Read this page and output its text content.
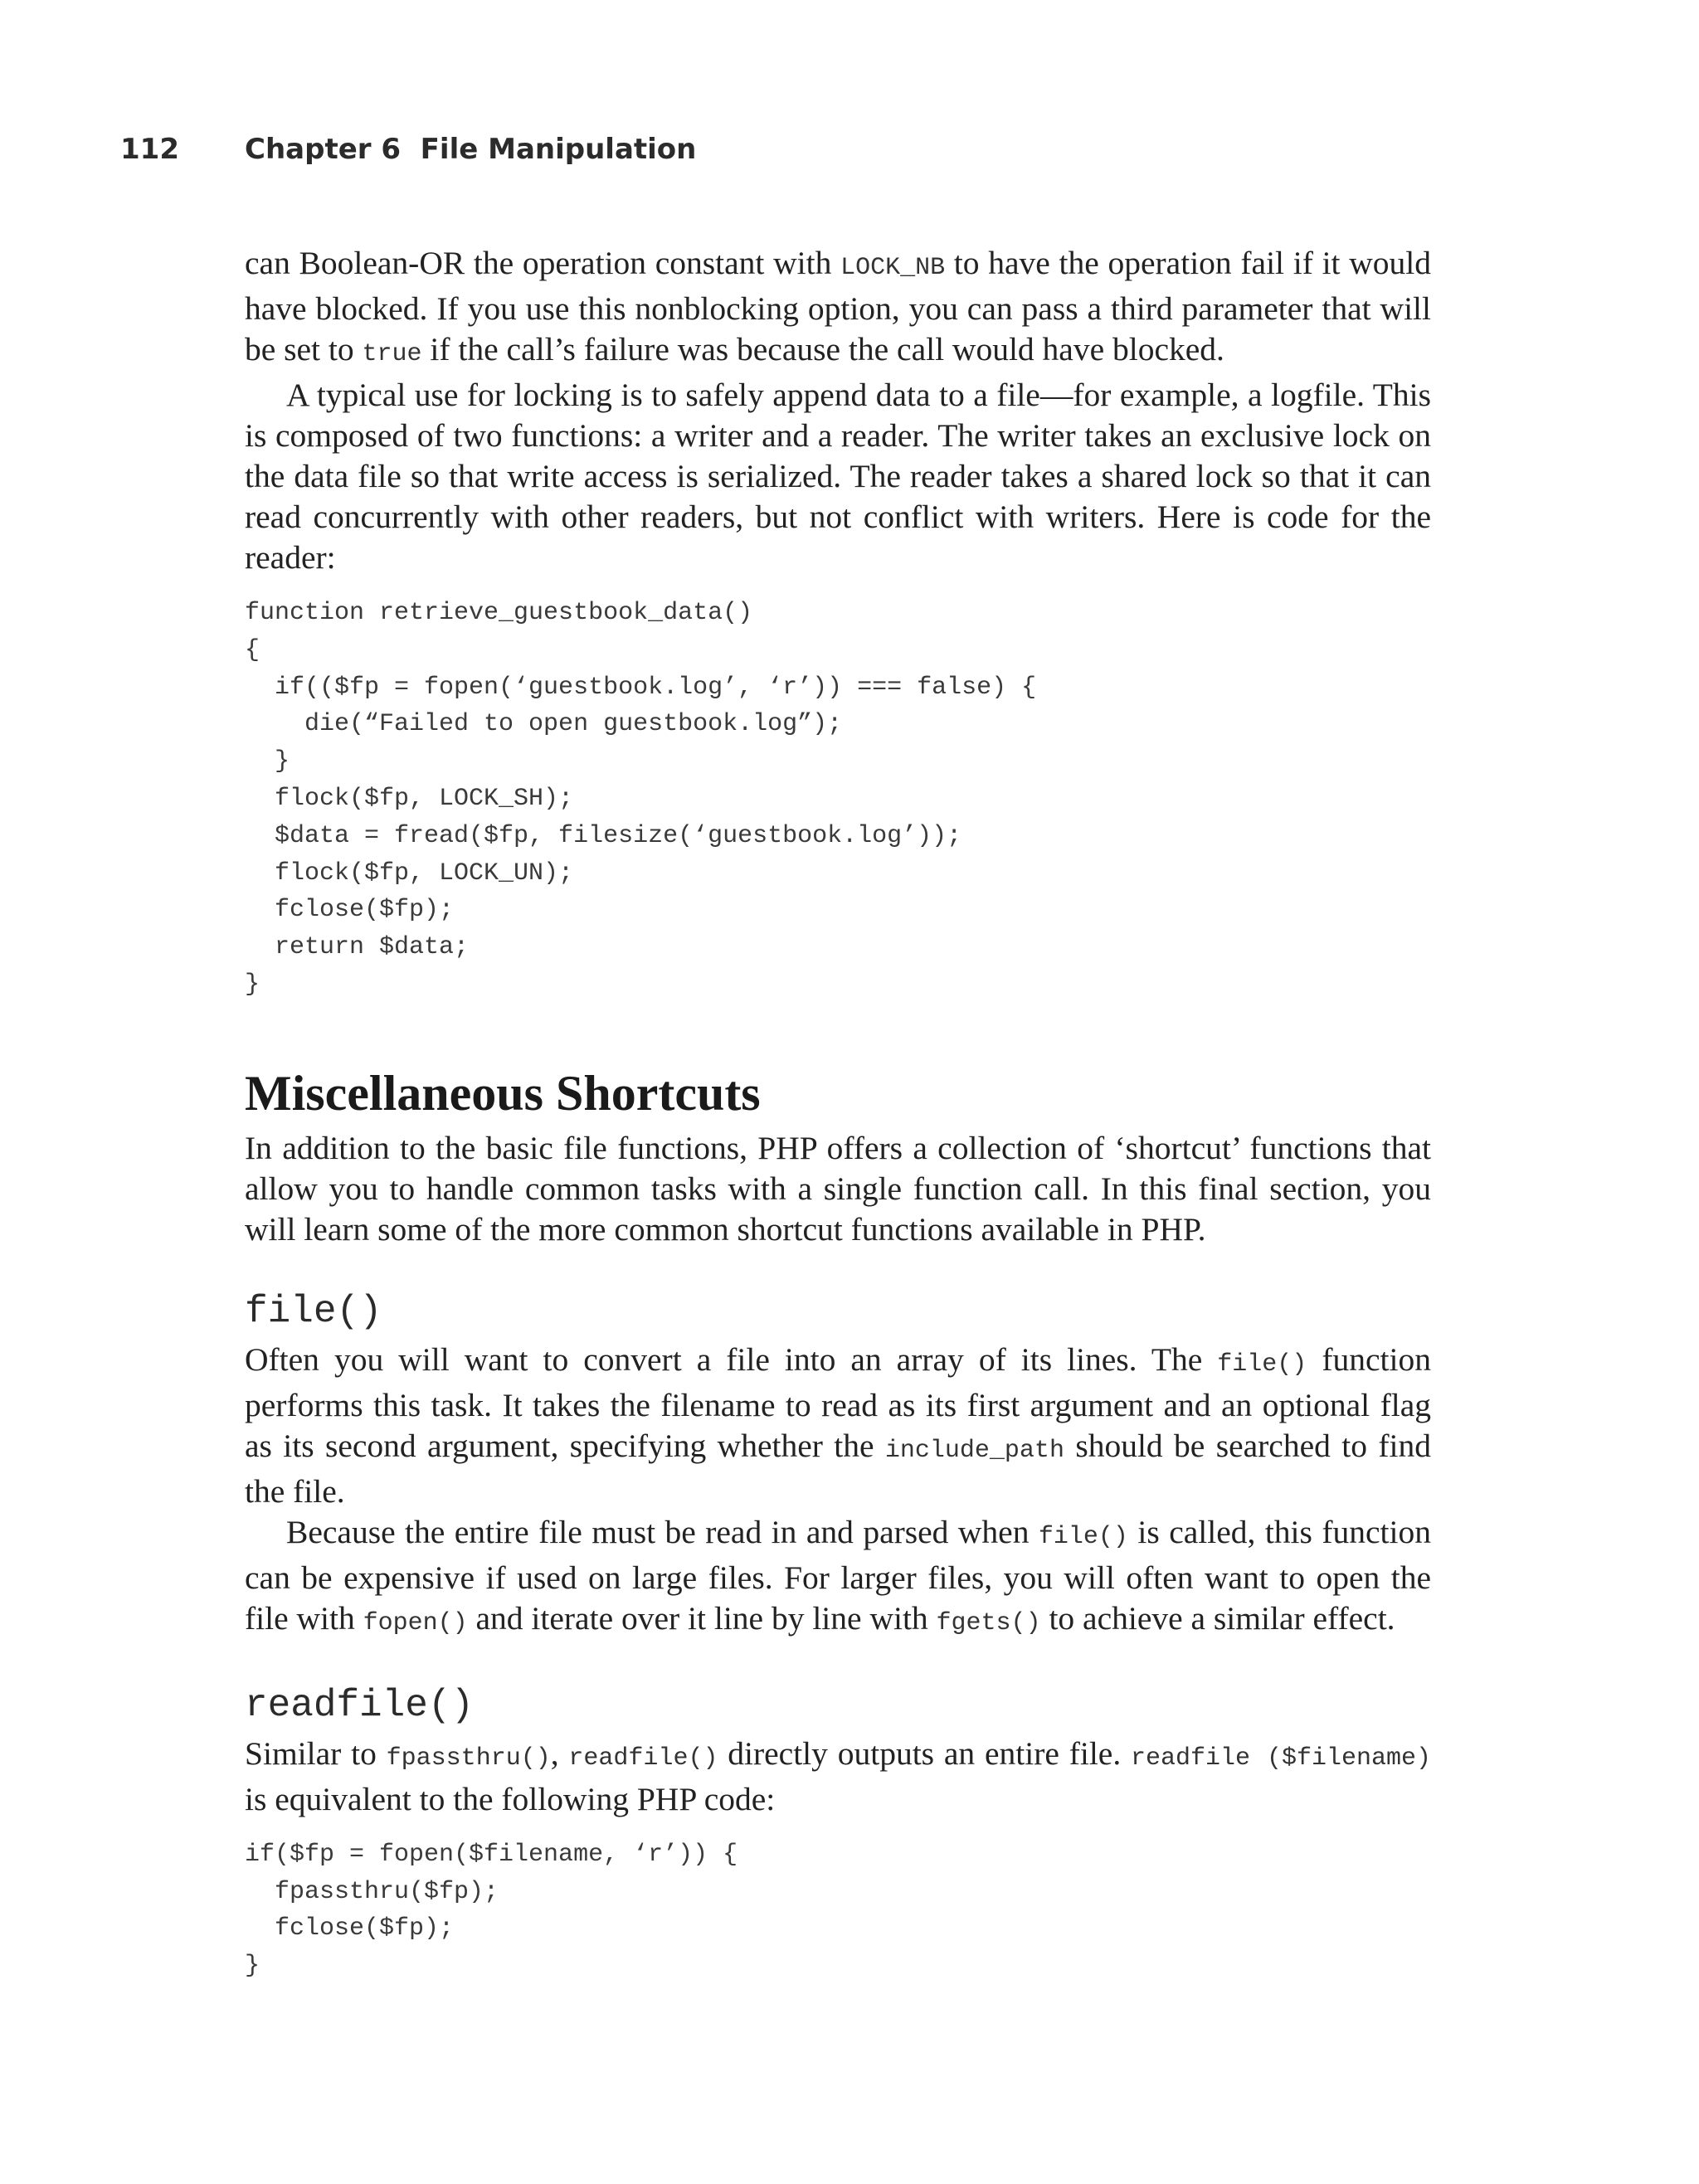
112 Chapter 6  File Manipulation

can Boolean-OR the operation constant with LOCK_NB to have the operation fail if it would have blocked. If you use this nonblocking option, you can pass a third parameter that will be set to true if the call’s failure was because the call would have blocked.

A typical use for locking is to safely append data to a file—for example, a logfile. This is composed of two functions: a writer and a reader. The writer takes an exclusive lock on the data file so that write access is serialized. The reader takes a shared lock so that it can read concurrently with other readers, but not conflict with writers. Here is code for the reader:

function retrieve_guestbook_data()
{
if(($fp = fopen(‘guestbook.log’, ‘r’)) === false) {
die(“Failed to open guestbook.log”);
}
flock($fp, LOCK_SH);
$data = fread($fp, filesize(‘guestbook.log’));
flock($fp, LOCK_UN);
fclose($fp);
return $data;
}
Miscellaneous Shortcuts

In addition to the basic file functions, PHP offers a collection of ‘shortcut’ functions that allow you to handle common tasks with a single function call. In this final section, you will learn some of the more common shortcut functions available in PHP.

file()

Often you will want to convert a file into an array of its lines. The file() function performs this task. It takes the filename to read as its first argument and an optional flag as its second argument, specifying whether the include_path should be searched to find the file.

Because the entire file must be read in and parsed when file() is called, this function can be expensive if used on large files. For larger files, you will often want to open the file with fopen() and iterate over it line by line with fgets() to achieve a similar effect.

readfile()

Similar to fpassthru(), readfile() directly outputs an entire file. readfile ($filename) is equivalent to the following PHP code:

if($fp = fopen($filename, ‘r’)) {
fpassthru($fp);
fclose($fp);
}
